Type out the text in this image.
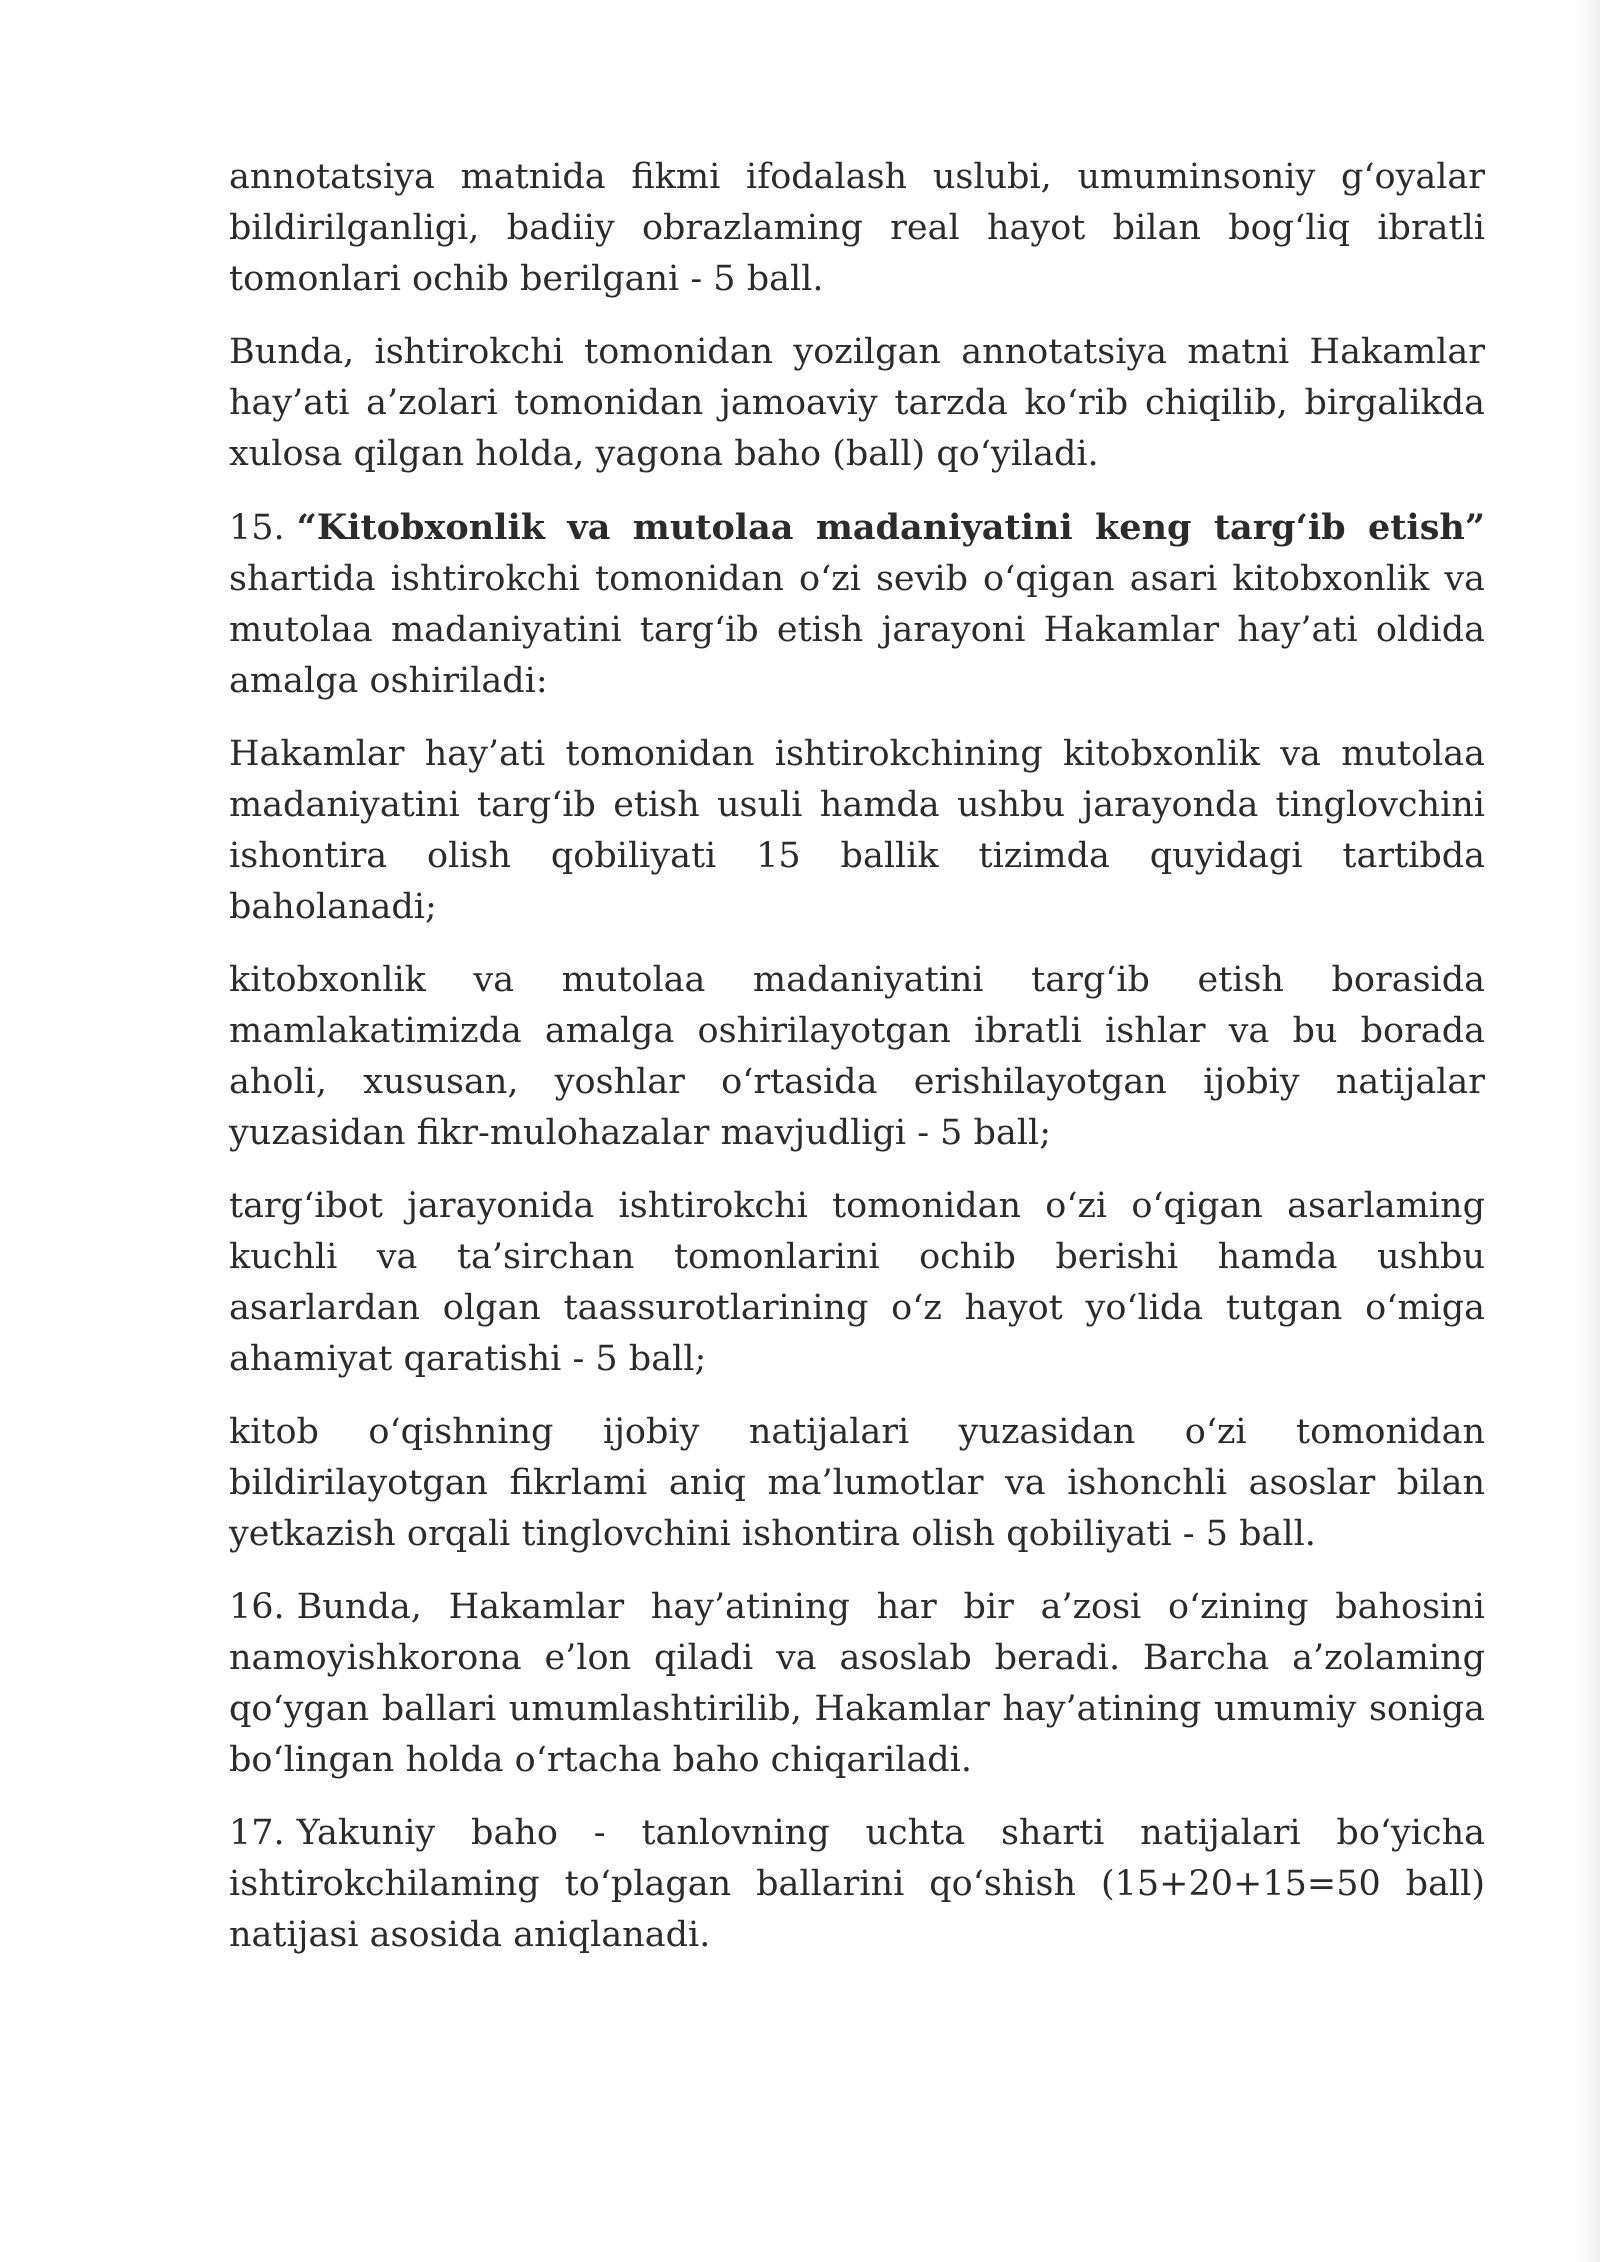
annotatsiya matnida fikmi ifodalash uslubi, umuminsoniy g‘oyalar bildirilganligi, badiiy obrazlaming real hayot bilan bog‘liq ibratli tomonlari ochib berilgani - 5 ball.

Bunda, ishtirokchi tomonidan yozilgan annotatsiya matni Hakamlar hay’ati a’zolari tomonidan jamoaviy tarzda ko‘rib chiqilib, birgalikda xulosa qilgan holda, yagona baho (ball) qo‘yiladi.

15. “Kitobxonlik va mutolaa madaniyatini keng targ‘ib etish” shartida ishtirokchi tomonidan o‘zi sevib o‘qigan asari kitobxonlik va mutolaa madaniyatini targ‘ib etish jarayoni Hakamlar hay’ati oldida amalga oshiriladi:

Hakamlar hay’ati tomonidan ishtirokchining kitobxonlik va mutolaa madaniyatini targ‘ib etish usuli hamda ushbu jarayonda tinglovchini ishontira olish qobiliyati 15 ballik tizimda quyidagi tartibda baholanadi;

kitobxonlik va mutolaa madaniyatini targ‘ib etish borasida mamlakatimizda amalga oshirilayotgan ibratli ishlar va bu borada aholi, xususan, yoshlar o‘rtasida erishilayotgan ijobiy natijalar yuzasidan fikr-mulohazalar mavjudligi - 5 ball;

targ‘ibot jarayonida ishtirokchi tomonidan o‘zi o‘qigan asarlaming kuchli va ta’sirchan tomonlarini ochib berishi hamda ushbu asarlardan olgan taassurotlarining o‘z hayot yo‘lida tutgan o‘miga ahamiyat qaratishi - 5 ball;

kitob o‘qishning ijobiy natijalari yuzasidan o‘zi tomonidan bildirilayotgan fikrlami aniq ma’lumotlar va ishonchli asoslar bilan yetkazish orqali tinglovchini ishontira olish qobiliyati - 5 ball.

16. Bunda, Hakamlar hay’atining har bir a’zosi o‘zining bahosini namoyishkorona e’lon qiladi va asoslab beradi. Barcha a’zolaming qo‘ygan ballari umumlashtirilib, Hakamlar hay’atining umumiy soniga bo‘lingan holda o‘rtacha baho chiqariladi.

17. Yakuniy baho - tanlovning uchta sharti natijalari bo‘yicha ishtirokchilaming to‘plagan ballarini qo‘shish (15+20+15=50 ball) natijasi asosida aniqlanadi.
